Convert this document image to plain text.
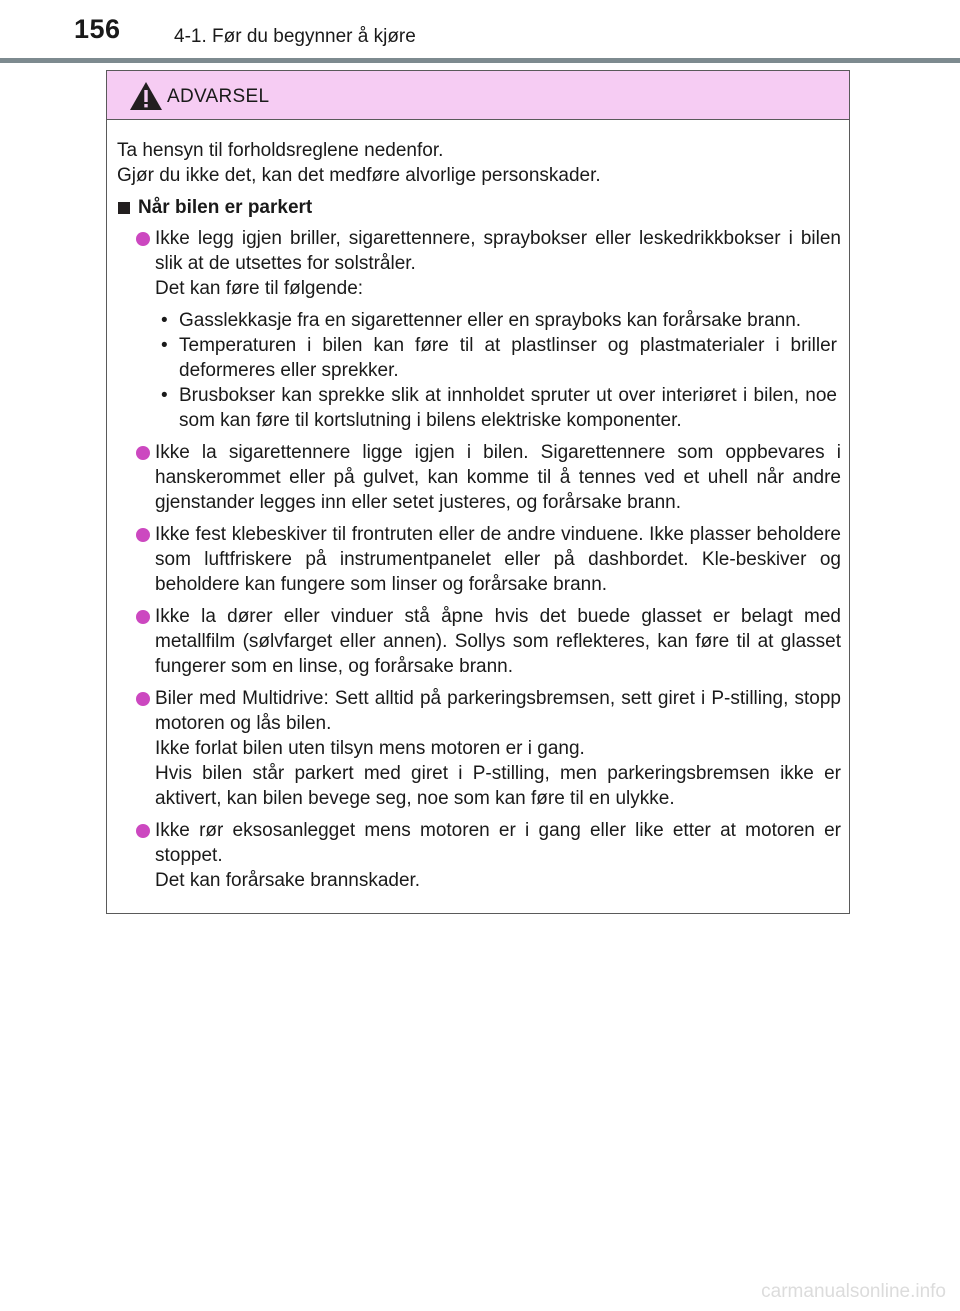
156	4-1. Før du begynner å kjøre
ADVARSEL

Ta hensyn til forholdsreglene nedenfor.

Gjør du ikke det, kan det medføre alvorlige personskader.

Når bilen er parkert

Ikke legg igjen briller, sigarettennere, spraybokser eller leskedrikkbokser i bilen slik at de utsettes for solstråler.

Det kan føre til følgende:

• Gasslekkasje fra en sigarettenner eller en sprayboks kan forårsake brann.
• Temperaturen i bilen kan føre til at plastlinser og plastmaterialer i briller deformeres eller sprekker.
• Brusbokser kan sprekke slik at innholdet spruter ut over interiøret i bilen, noe som kan føre til kortslutning i bilens elektriske komponenter.

Ikke la sigarettennere ligge igjen i bilen. Sigarettennere som oppbevares i hanskerommet eller på gulvet, kan komme til å tennes ved et uhell når andre gjenstander legges inn eller setet justeres, og forårsake brann.

Ikke fest klebeskiver til frontruten eller de andre vinduene. Ikke plasser beholdere som luftfriskere på instrumentpanelet eller på dashbordet. Kle-beskiver og beholdere kan fungere som linser og forårsake brann.

Ikke la dører eller vinduer stå åpne hvis det buede glasset er belagt med metallfilm (sølvfarget eller annen). Sollys som reflekteres, kan føre til at glasset fungerer som en linse, og forårsake brann.

Biler med Multidrive: Sett alltid på parkeringsbremsen, sett giret i P-stilling, stopp motoren og lås bilen.

Ikke forlat bilen uten tilsyn mens motoren er i gang.

Hvis bilen står parkert med giret i P-stilling, men parkeringsbremsen ikke er aktivert, kan bilen bevege seg, noe som kan føre til en ulykke.

Ikke rør eksosanlegget mens motoren er i gang eller like etter at motoren er stoppet.

Det kan forårsake brannskader.

carmanualsonline.info
